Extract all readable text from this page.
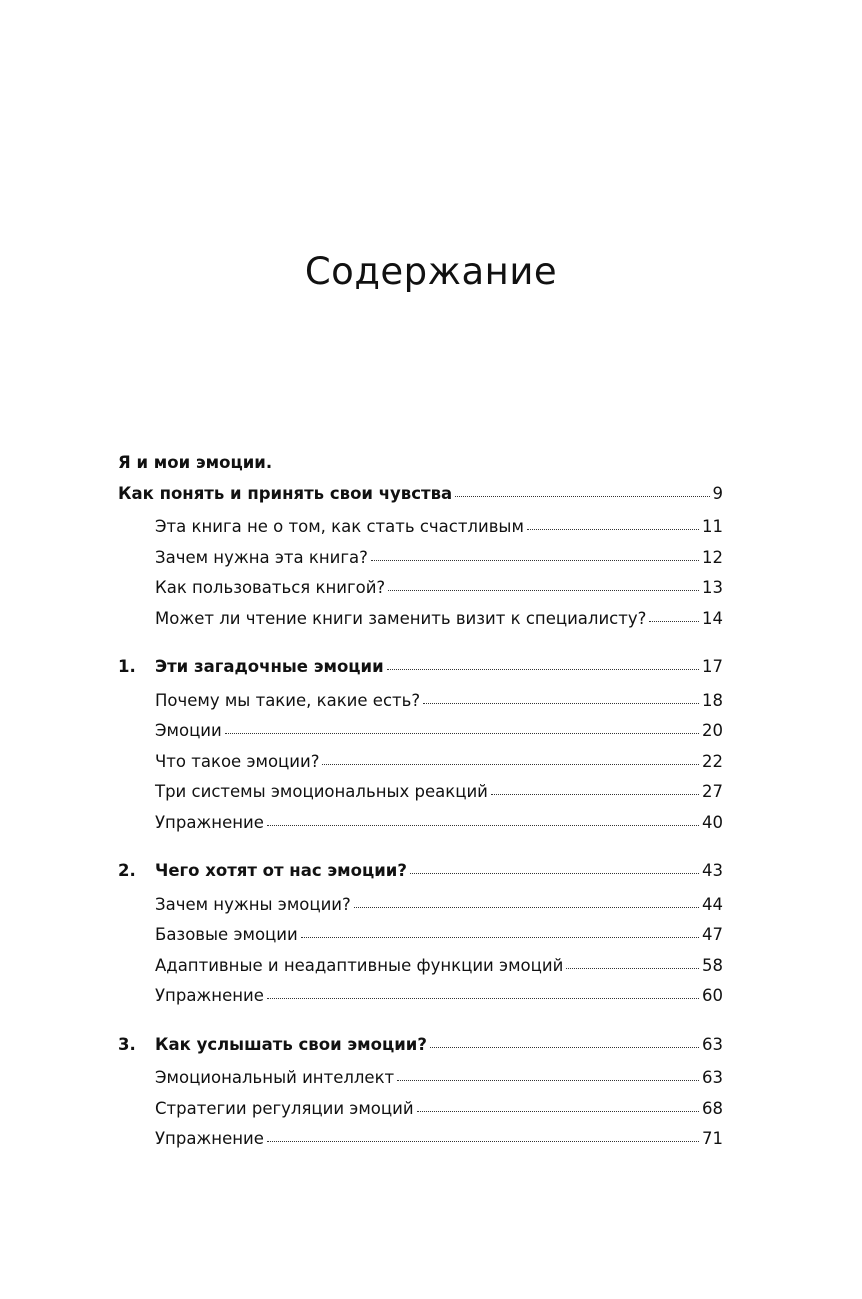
Содержание
Я и мои эмоции.
Как понять и принять свои чувства	9
Эта книга не о том, как стать счастливым	11
Зачем нужна эта книга?	12
Как пользоваться книгой?	13
Может ли чтение книги заменить визит к специалисту?	14
1.	Эти загадочные эмоции	17
Почему мы такие, какие есть?	18
Эмоции	20
Что такое эмоции?	22
Три системы эмоциональных реакций	27
Упражнение	40
2.	Чего хотят от нас эмоции?	43
Зачем нужны эмоции?	44
Базовые эмоции	47
Адаптивные и неадаптивные функции эмоций	58
Упражнение	60
3.	Как услышать свои эмоции?	63
Эмоциональный интеллект	63
Стратегии регуляции эмоций	68
Упражнение	71
